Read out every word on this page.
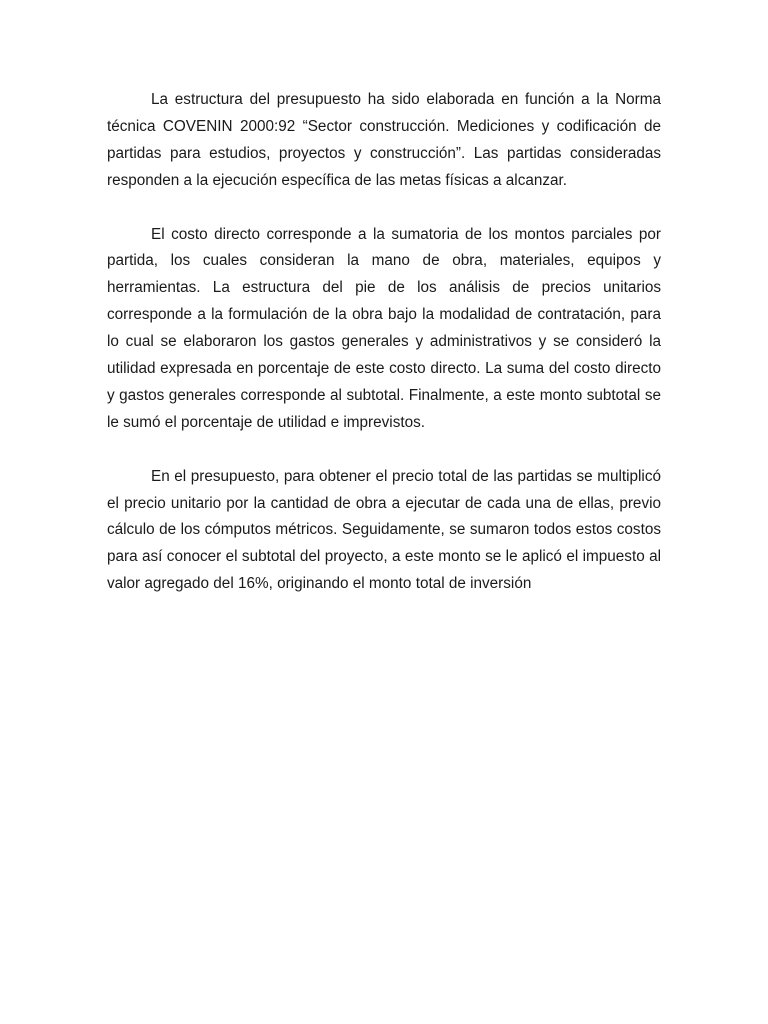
La estructura del presupuesto ha sido elaborada en función a la Norma técnica COVENIN 2000:92 “Sector construcción. Mediciones y codificación de partidas para estudios, proyectos y construcción”. Las partidas consideradas responden a la ejecución específica de las metas físicas a alcanzar.

El costo directo corresponde a la sumatoria de los montos parciales por partida, los cuales consideran la mano de obra, materiales, equipos y herramientas. La estructura del pie de los análisis de precios unitarios corresponde a la formulación de la obra bajo la modalidad de contratación, para lo cual se elaboraron los gastos generales y administrativos y se consideró la utilidad expresada en porcentaje de este costo directo. La suma del costo directo y gastos generales corresponde al subtotal. Finalmente, a este monto subtotal se le sumó el porcentaje de utilidad e imprevistos.

En el presupuesto, para obtener el precio total de las partidas se multiplicó el precio unitario por la cantidad de obra a ejecutar de cada una de ellas, previo cálculo de los cómputos métricos. Seguidamente, se sumaron todos estos costos para así conocer el subtotal del proyecto, a este monto se le aplicó el impuesto al valor agregado del 16%, originando el monto total de inversión
